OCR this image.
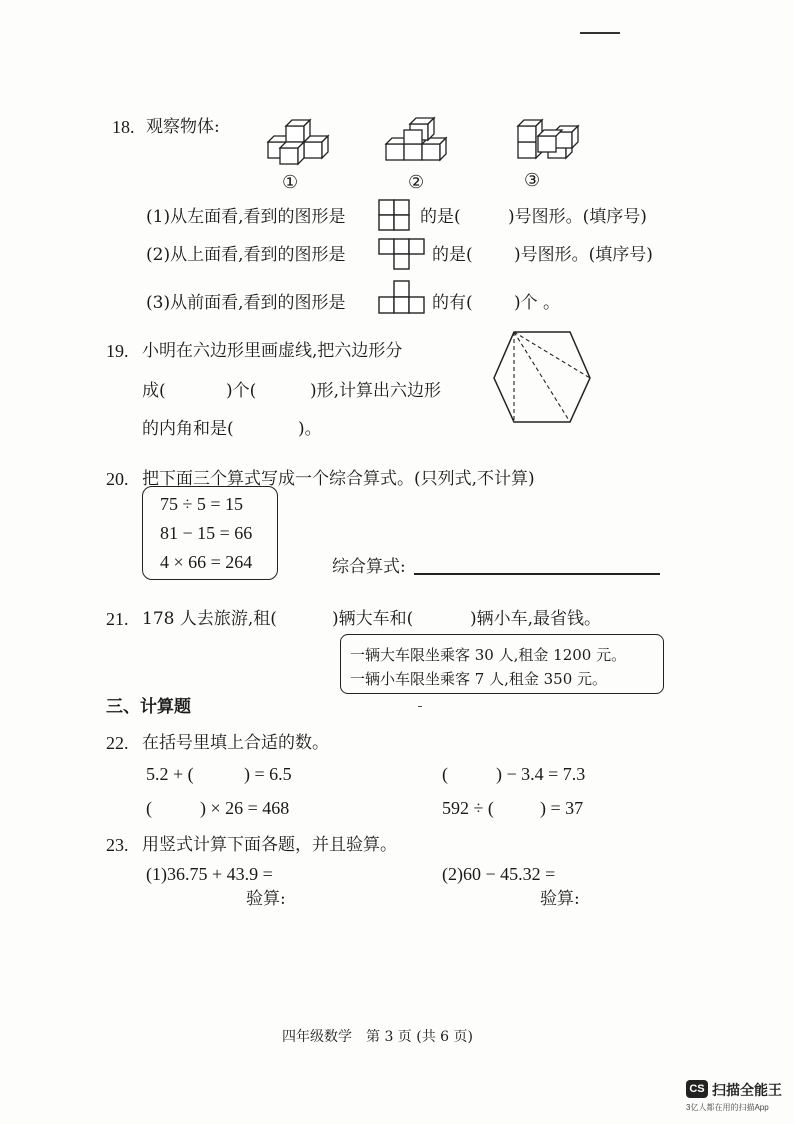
18. 观察物体:
①	②	③
(1)从左面看,看到的图形是	的是(	)号图形。(填序号)
(2)从上面看,看到的图形是	的是( )号图形。(填序号)
(3)从前面看,看到的图形是	的有( )个 。
19. 小明在六边形里画虚线,把六边形分
成(	)个(	)形,计算出六边形
的内角和是(	)。
20. 把下面三个算式写成一个综合算式。(只列式,不计算)
75 ÷ 5 = 15
81 − 15 = 66
4 × 66 = 264	综合算式:
21. 178 人去旅游,租(	)辆大车和(	)辆小车,最省钱。
一辆大车限坐乘客 30 人,租金 1200 元。
一辆小车限坐乘客 7 人,租金 350 元。
三、计算题
22. 在括号里填上合适的数。
5.2 + (	) = 6.5	(	) − 3.4 = 7.3
(	) × 26 = 468	592 ÷ (	) = 37
23. 用竖式计算下面各题，并且验算。
(1)36.75 + 43.9 =	(2)60 − 45.32 =
验算:	验算:
四年级数学　第 3 页 (共 6 页)
CS 扫描全能王
3亿人都在用的扫描App
